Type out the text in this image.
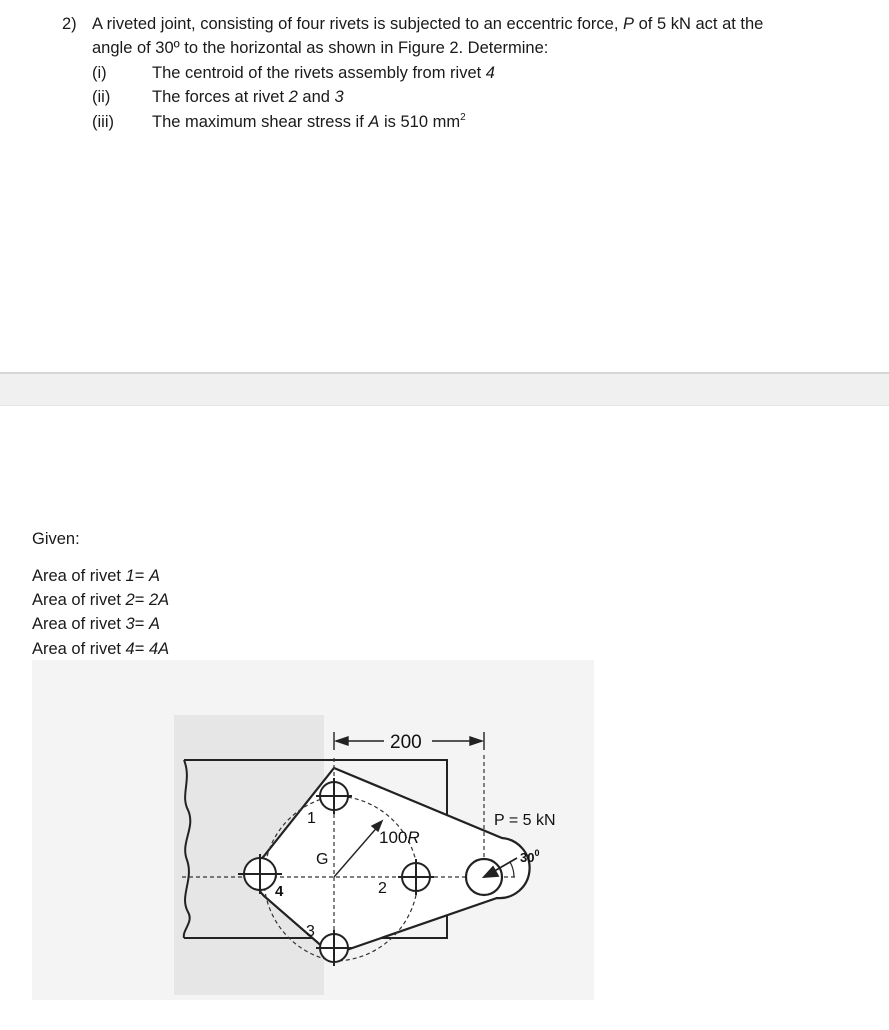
2) A riveted joint, consisting of four rivets is subjected to an eccentric force, P of 5 kN act at the
angle of 30º to the horizontal as shown in Figure 2. Determine:
(i)	The centroid of the rivets assembly from rivet 4
(ii)	The forces at rivet 2 and 3
(iii) The maximum shear stress if A is 510 $mm^2$
Given:
Area of rivet 1= A
Area of rivet 2= 2A
Area of rivet 3= A
Area of rivet 4= 4A
200
1
2
3
4
G
100R
P = 5 kN
$30^0$
